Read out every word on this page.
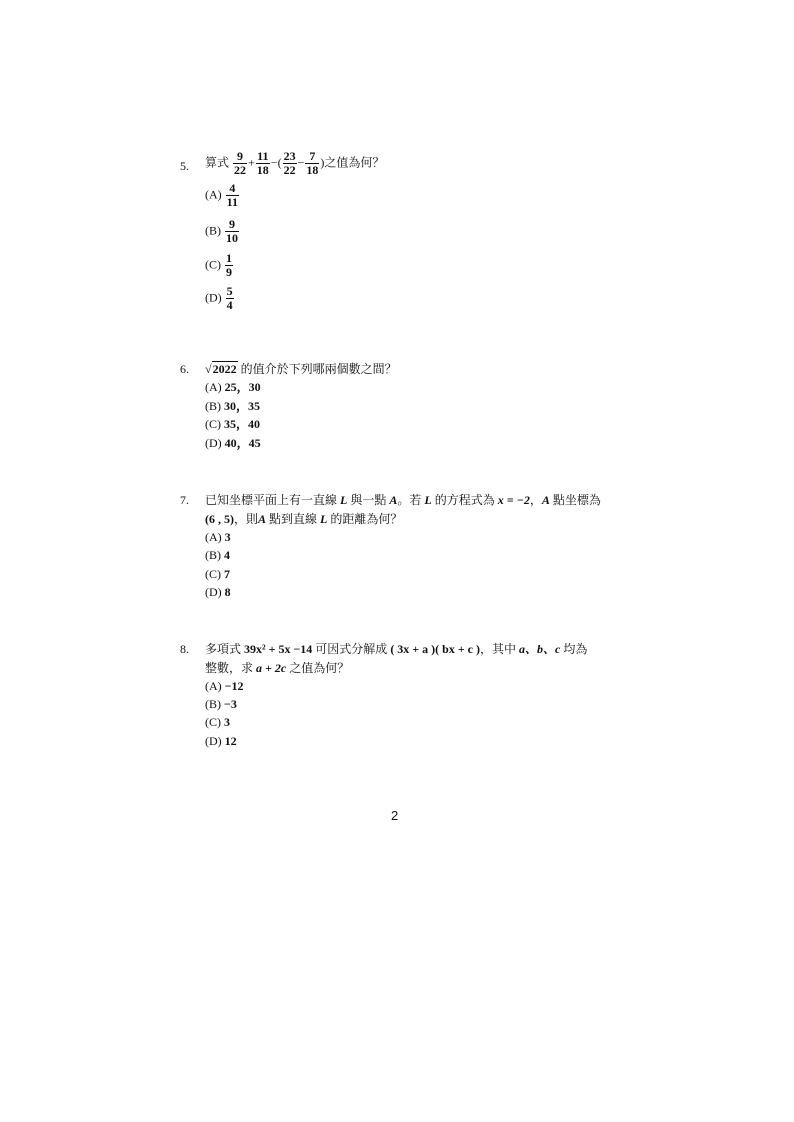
5.	算式 $\frac{9}{22} + \frac{11}{18}$ −( $\frac{23}{22} - \frac{7}{18}$ )之值為何？
$(A) \frac{4}{11}$
$(B) \frac{9}{10}$
$(C) \frac{1}{9}$
$(D) \frac{5}{4}$
6.	√2022 的值介於下列哪兩個數之間？
(A) 25，30
(B) 30，35
(C) 35，40
(D) 40，45
7.	已知坐標平面上有一直線 L 與一點 A。若 L 的方程式為 x = −2，A 點坐標為
(6 , 5)，則A 點到直線 L 的距離為何？
(A) 3
(B) 4
(C) 7
(D) 8
8.	多項式 39x² + 5x −14 可因式分解成 ( 3x + a )( bx + c )，其中 a、b、c 均為
整數，求 a + 2c 之值為何？
(A) −12
(B) −3
(C) 3
(D) 12
2
